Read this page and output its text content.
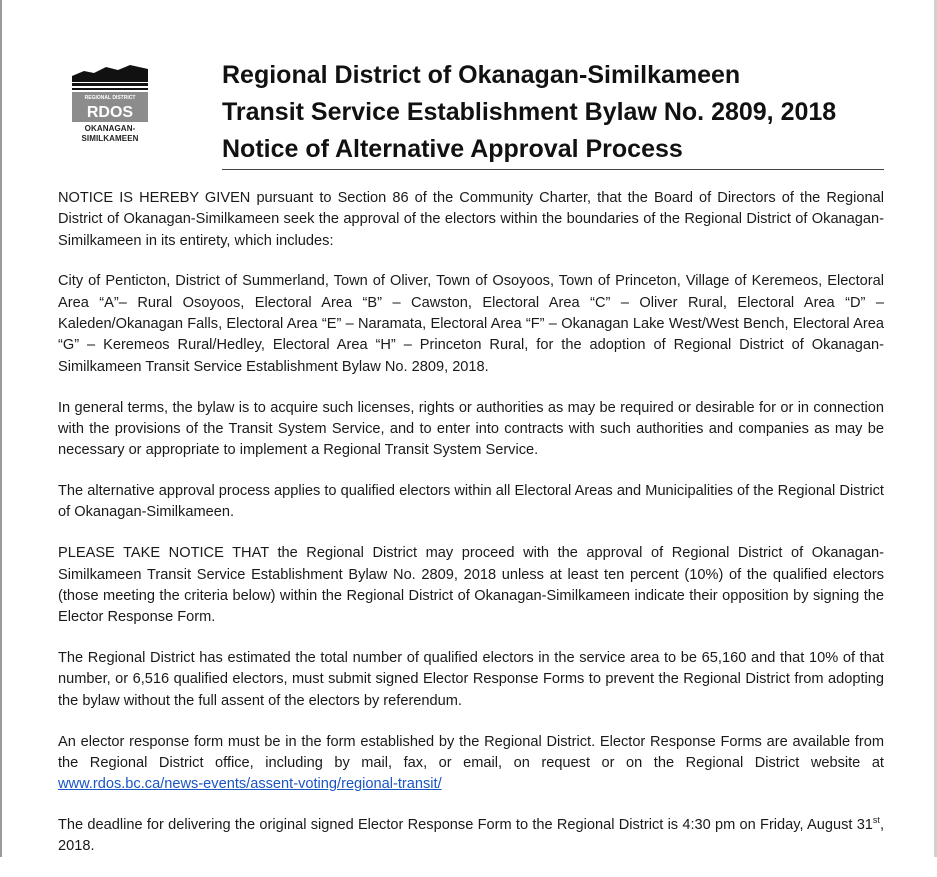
REGIONAL DISTRICT
RDOS
OKANAGAN-
SIMILKAMEEN
Regional District of Okanagan-Similkameen
Transit Service Establishment Bylaw No. 2809, 2018
Notice of Alternative Approval Process

NOTICE IS HEREBY GIVEN pursuant to Section 86 of the Community Charter, that the Board of Directors of the Regional District of Okanagan-Similkameen seek the approval of the electors within the boundaries of the Regional District of Okanagan-Similkameen in its entirety, which includes:

City of Penticton, District of Summerland, Town of Oliver, Town of Osoyoos, Town of Princeton, Village of Keremeos, Electoral Area “A”– Rural Osoyoos, Electoral Area “B” – Cawston, Electoral Area “C” – Oliver Rural, Electoral Area “D” – Kaleden/Okanagan Falls, Electoral Area “E” – Naramata, Electoral Area “F” – Okanagan Lake West/West Bench, Electoral Area “G” – Keremeos Rural/Hedley, Electoral Area “H” – Princeton Rural, for the adoption of Regional District of Okanagan-Similkameen Transit Service Establishment Bylaw No. 2809, 2018.

In general terms, the bylaw is to acquire such licenses, rights or authorities as may be required or desirable for or in connection with the provisions of the Transit System Service, and to enter into contracts with such authorities and companies as may be necessary or appropriate to implement a Regional Transit System Service.

The alternative approval process applies to qualified electors within all Electoral Areas and Municipalities of the Regional District of Okanagan-Similkameen.

PLEASE TAKE NOTICE THAT the Regional District may proceed with the approval of Regional District of Okanagan-Similkameen Transit Service Establishment Bylaw No. 2809, 2018 unless at least ten percent (10%) of the qualified electors (those meeting the criteria below) within the Regional District of Okanagan-Similkameen indicate their opposition by signing the Elector Response Form.

The Regional District has estimated the total number of qualified electors in the service area to be 65,160 and that 10% of that number, or 6,516 qualified electors, must submit signed Elector Response Forms to prevent the Regional District from adopting the bylaw without the full assent of the electors by referendum.

An elector response form must be in the form established by the Regional District. Elector Response Forms are available from the Regional District office, including by mail, fax, or email, on request or on the Regional District website at www.rdos.bc.ca/news-events/assent-voting/regional-transit/

The deadline for delivering the original signed Elector Response Form to the Regional District is 4:30 pm on Friday, August 31st, 2018.
